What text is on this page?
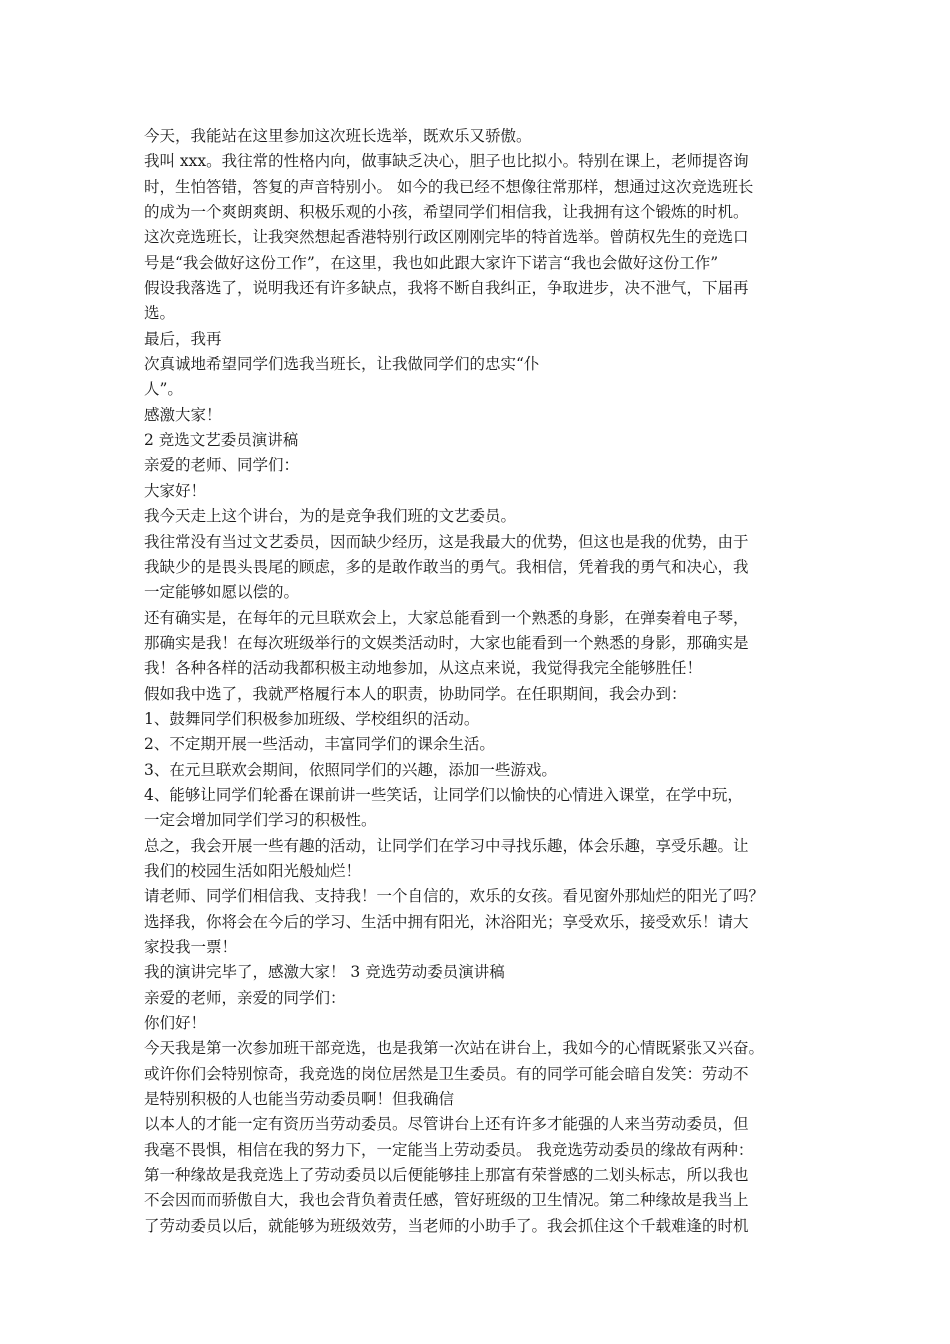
今天，我能站在这里参加这次班长选举，既欢乐又骄傲。
我叫 xxx。我往常的性格内向，做事缺乏决心，胆子也比拟小。特别在课上，老师提咨询
时，生怕答错，答复的声音特别小。 如今的我已经不想像往常那样，想通过这次竞选班长
的成为一个爽朗爽朗、积极乐观的小孩，希望同学们相信我，让我拥有这个锻炼的时机。
这次竞选班长，让我突然想起香港特别行政区刚刚完毕的特首选举。曾荫权先生的竞选口
号是“我会做好这份工作”，在这里，我也如此跟大家许下诺言“我也会做好这份工作”
假设我落选了，说明我还有许多缺点，我将不断自我纠正，争取进步，决不泄气，下届再
选。
最后，我再
次真诚地希望同学们选我当班长，让我做同学们的忠实“仆
人”。
感激大家！
2 竞选文艺委员演讲稿
亲爱的老师、同学们：
大家好！
我今天走上这个讲台，为的是竞争我们班的文艺委员。
我往常没有当过文艺委员，因而缺少经历，这是我最大的优势，但这也是我的优势，由于
我缺少的是畏头畏尾的顾虑，多的是敢作敢当的勇气。我相信，凭着我的勇气和决心，我
一定能够如愿以偿的。
还有确实是，在每年的元旦联欢会上，大家总能看到一个熟悉的身影，在弹奏着电子琴，
那确实是我！在每次班级举行的文娱类活动时，大家也能看到一个熟悉的身影，那确实是
我！各种各样的活动我都积极主动地参加，从这点来说，我觉得我完全能够胜任！
假如我中选了，我就严格履行本人的职责，协助同学。在任职期间，我会办到：
1、鼓舞同学们积极参加班级、学校组织的活动。
2、不定期开展一些活动，丰富同学们的课余生活。
3、在元旦联欢会期间，依照同学们的兴趣，添加一些游戏。
4、能够让同学们轮番在课前讲一些笑话，让同学们以愉快的心情进入课堂，在学中玩，
一定会增加同学们学习的积极性。
总之，我会开展一些有趣的活动，让同学们在学习中寻找乐趣，体会乐趣，享受乐趣。让
我们的校园生活如阳光般灿烂！
请老师、同学们相信我、支持我！一个自信的，欢乐的女孩。看见窗外那灿烂的阳光了吗？
选择我，你将会在今后的学习、生活中拥有阳光，沐浴阳光；享受欢乐，接受欢乐！请大
家投我一票！
我的演讲完毕了，感激大家！ 3 竞选劳动委员演讲稿
亲爱的老师，亲爱的同学们：
你们好！
今天我是第一次参加班干部竞选，也是我第一次站在讲台上，我如今的心情既紧张又兴奋。
或许你们会特别惊奇，我竞选的岗位居然是卫生委员。有的同学可能会暗自发笑：劳动不
是特别积极的人也能当劳动委员啊！但我确信
以本人的才能一定有资历当劳动委员。尽管讲台上还有许多才能强的人来当劳动委员，但
我毫不畏惧，相信在我的努力下，一定能当上劳动委员。 我竞选劳动委员的缘故有两种：
第一种缘故是我竞选上了劳动委员以后便能够挂上那富有荣誉感的二划头标志，所以我也
不会因而而骄傲自大，我也会背负着责任感，管好班级的卫生情况。第二种缘故是我当上
了劳动委员以后，就能够为班级效劳，当老师的小助手了。我会抓住这个千载难逢的时机
